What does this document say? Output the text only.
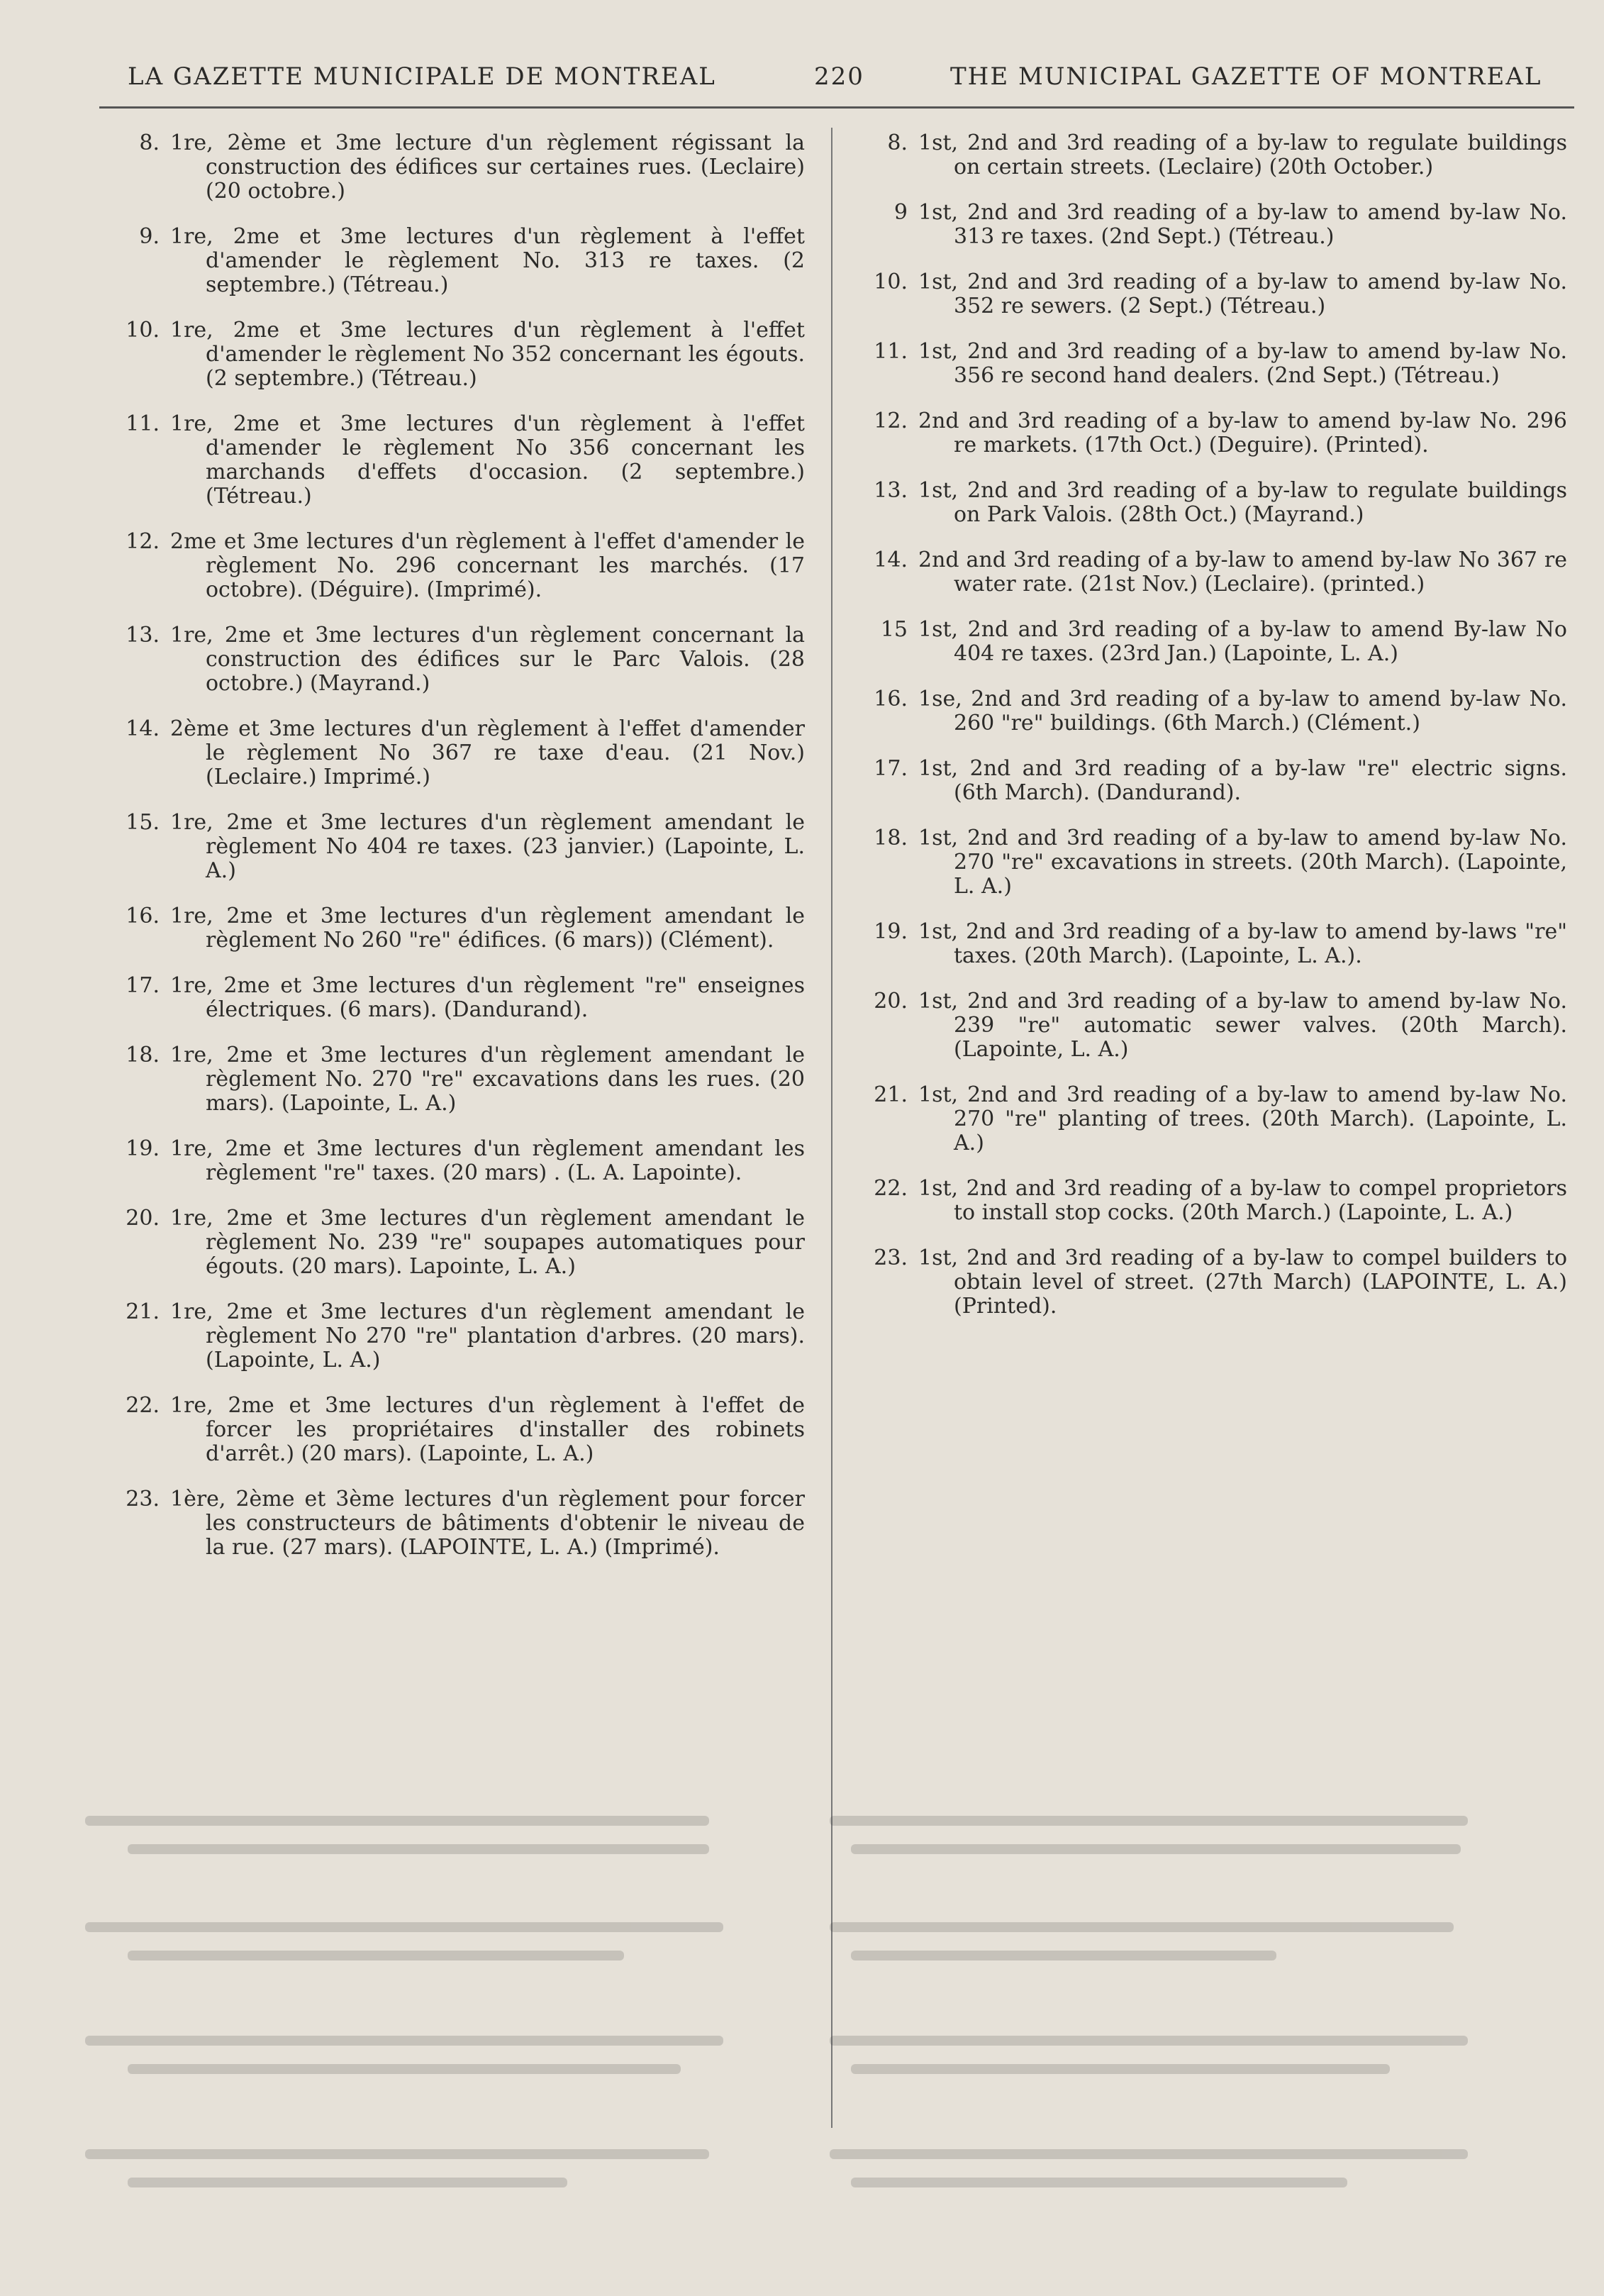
LA GAZETTE MUNICIPALE DE MONTREAL	220	THE MUNICIPAL GAZETTE OF MONTREAL
8. 1re, 2ème et 3me lecture d'un règlement régissant la construction des édifices sur certaines rues. (Leclaire) (20 octobre.)
9. 1re, 2me et 3me lectures d'un règlement à l'effet d'amender le règlement No. 313 re taxes. (2 septembre.) (Tétreau.)
10. 1re, 2me et 3me lectures d'un règlement à l'effet d'amender le règlement No 352 concernant les égouts. (2 septembre.) (Tétreau.)
11. 1re, 2me et 3me lectures d'un règlement à l'effet d'amender le règlement No 356 concernant les marchands d'effets d'occasion. (2 septembre.) (Tétreau.)
12. 2me et 3me lectures d'un règlement à l'effet d'amender le règlement No. 296 concernant les marchés. (17 octobre). (Déguire). (Imprimé).
13. 1re, 2me et 3me lectures d'un règlement concernant la construction des édifices sur le Parc Valois. (28 octobre.) (Mayrand.)
14. 2ème et 3me lectures d'un règlement à l'effet d'amender le règlement No 367 re taxe d'eau. (21 Nov.) (Leclaire.) Imprimé.)
15. 1re, 2me et 3me lectures d'un règlement amendant le règlement No 404 re taxes. (23 janvier.) (Lapointe, L. A.)
16. 1re, 2me et 3me lectures d'un règlement amendant le règlement No 260 "re" édifices. (6 mars)) (Clément).
17. 1re, 2me et 3me lectures d'un règlement "re" enseignes électriques. (6 mars). (Dandurand).
18. 1re, 2me et 3me lectures d'un règlement amendant le règlement No. 270 "re" excavations dans les rues. (20 mars). (Lapointe, L. A.)
19. 1re, 2me et 3me lectures d'un règlement amendant les règlement "re" taxes. (20 mars) . (L. A. Lapointe).
20. 1re, 2me et 3me lectures d'un règlement amendant le règlement No. 239 "re" soupapes automatiques pour égouts. (20 mars). Lapointe, L. A.)
21. 1re, 2me et 3me lectures d'un règlement amendant le règlement No 270 "re" plantation d'arbres. (20 mars). (Lapointe, L. A.)
22. 1re, 2me et 3me lectures d'un règlement à l'effet de forcer les propriétaires d'installer des robinets d'arrêt.) (20 mars). (Lapointe, L. A.)
23. 1ère, 2ème et 3ème lectures d'un règlement pour forcer les constructeurs de bâtiments d'obtenir le niveau de la rue. (27 mars). (LAPOINTE, L. A.) (Imprimé).
8. 1st, 2nd and 3rd reading of a by-law to regulate buildings on certain streets. (Leclaire) (20th October.)
9 1st, 2nd and 3rd reading of a by-law to amend by-law No. 313 re taxes. (2nd Sept.) (Tétreau.)
10. 1st, 2nd and 3rd reading of a by-law to amend by-law No. 352 re sewers. (2 Sept.) (Tétreau.)
11. 1st, 2nd and 3rd reading of a by-law to amend by-law No. 356 re second hand dealers. (2nd Sept.) (Tétreau.)
12. 2nd and 3rd reading of a by-law to amend by-law No. 296 re markets. (17th Oct.) (Deguire). (Printed).
13. 1st, 2nd and 3rd reading of a by-law to regulate buildings on Park Valois. (28th Oct.) (Mayrand.)
14. 2nd and 3rd reading of a by-law to amend by-law No 367 re water rate. (21st Nov.) (Leclaire). (printed.)
15 1st, 2nd and 3rd reading of a by-law to amend By-law No 404 re taxes. (23rd Jan.) (Lapointe, L. A.)
16. 1se, 2nd and 3rd reading of a by-law to amend by-law No. 260 "re" buildings. (6th March.) (Clément.)
17. 1st, 2nd and 3rd reading of a by-law "re" electric signs. (6th March). (Dandurand).
18. 1st, 2nd and 3rd reading of a by-law to amend by-law No. 270 "re" excavations in streets. (20th March). (Lapointe, L. A.)
19. 1st, 2nd and 3rd reading of a by-law to amend by-laws "re" taxes. (20th March). (Lapointe, L. A.).
20. 1st, 2nd and 3rd reading of a by-law to amend by-law No. 239 "re" automatic sewer valves. (20th March). (Lapointe, L. A.)
21. 1st, 2nd and 3rd reading of a by-law to amend by-law No. 270 "re" planting of trees. (20th March). (Lapointe, L. A.)
22. 1st, 2nd and 3rd reading of a by-law to compel proprietors to install stop cocks. (20th March.) (Lapointe, L. A.)
23. 1st, 2nd and 3rd reading of a by-law to compel builders to obtain level of street. (27th March) (LAPOINTE, L. A.) (Printed).
